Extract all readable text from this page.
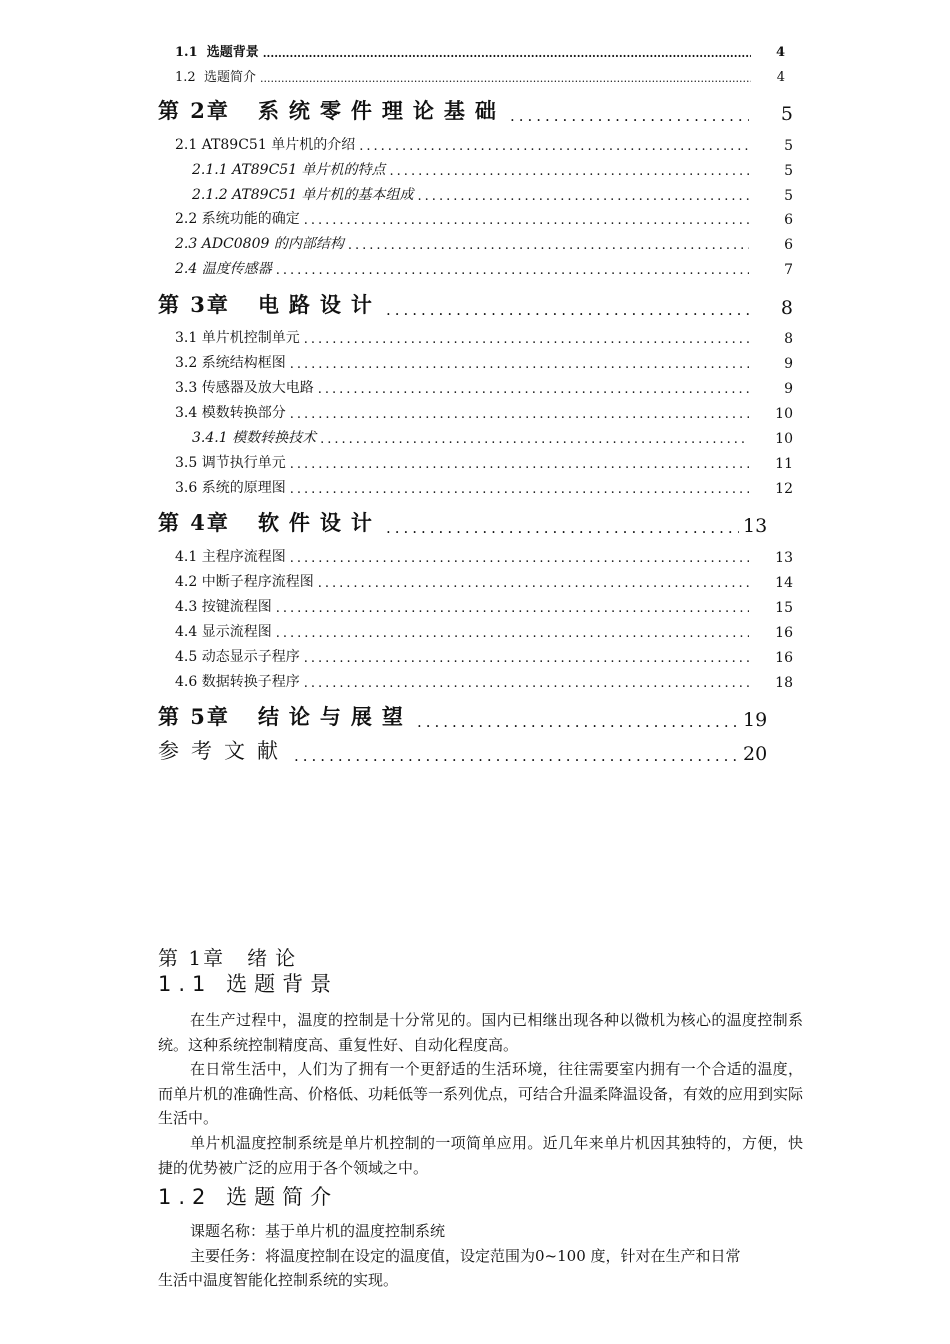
1.1 选题背景 .....	4
1.2 选题简介 .....	4
第 2章 系统零件理论基础 .....	5
2.1 AT89C51 单片机的介绍 .....	5
2.1.1 AT89C51 单片机的特点 .....	5
2.1.2 AT89C51 单片机的基本组成 .....	5
2.2 系统功能的确定 .....	6
2.3 ADC0809 的内部结构 .....	6
2.4 温度传感器 .....	7
第 3章 电路设计 .....	8
3.1 单片机控制单元 .....	8
3.2 系统结构框图 .....	9
3.3 传感器及放大电路 .....	9
3.4 模数转换部分 .....	10
3.4.1 模数转换技术 .....	10
3.5 调节执行单元 .....	11
3.6 系统的原理图 .....	12
第 4章 软件设计 .....	13
4.1 主程序流程图 .....	13
4.2 中断子程序流程图 .....	14
4.3 按键流程图 .....	15
4.4 显示流程图 .....	16
4.5 动态显示子程序 .....	16
4.6 数据转换子程序 .....	18
第 5章 结论与展望 .....	19
参考文献 .....	20
第 1章 绪论
1.1 选题背景
在生产过程中，温度的控制是十分常见的。国内已相继出现各种以微机为核心的温度控制系统。这种系统控制精度高、重复性好、自动化程度高。
在日常生活中，人们为了拥有一个更舒适的生活环境，往往需要室内拥有一个合适的温度，而单片机的准确性高、价格低、功耗低等一系列优点，可结合升温柔降温设备，有效的应用到实际生活中。
单片机温度控制系统是单片机控制的一项简单应用。近几年来单片机因其独特的，方便，快捷的优势被广泛的应用于各个领域之中。
1.2 选题简介
课题名称：基于单片机的温度控制系统
主要任务：将温度控制在设定的温度值，设定范围为0~100 度，针对在生产和日常
生活中温度智能化控制系统的实现。
